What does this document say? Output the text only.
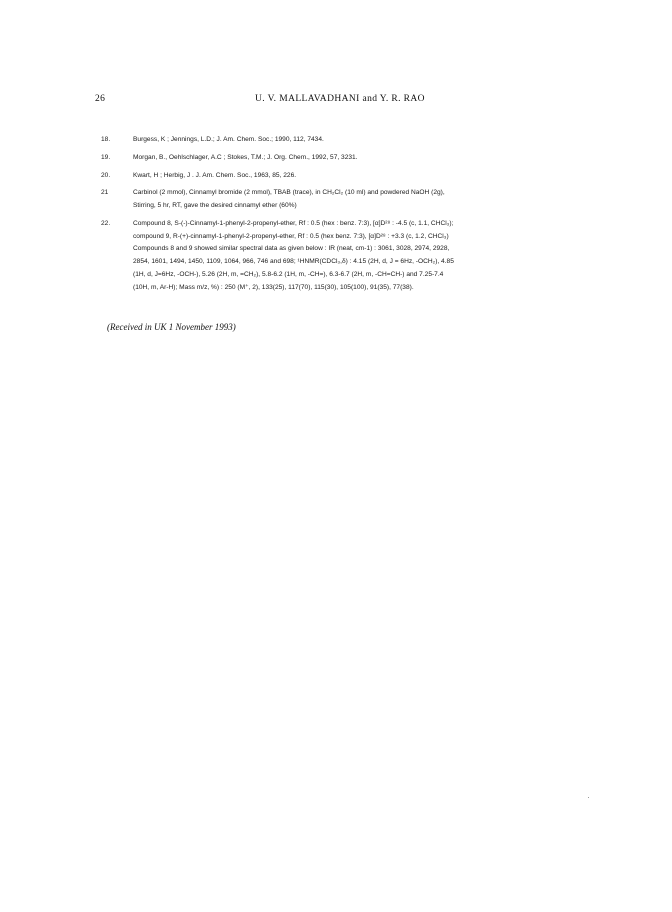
26	U. V. MALLAVADHANI and Y. R. RAO
18.	Burgess, K ; Jennings, L.D.; J. Am. Chem. Soc.; 1990, 112, 7434.
19.	Morgan, B., Oehlschlager, A.C ; Stokes, T.M.; J. Org. Chem., 1992, 57, 3231.
20.	Kwart, H ; Herbig, J . J. Am. Chem. Soc., 1963, 85, 226.
21	Carbinol (2 mmol), Cinnamyl bromide (2 mmol), TBAB (trace), in CH₂Cl₂ (10 ml) and powdered NaOH (2g),
Stirring, 5 hr, RT, gave the desired cinnamyl ether (60%)
22.	Compound 8, S-(-)-Cinnamyl-1-phenyl-2-propenyl-ether, Rf : 0.5 (hex : benz. 7:3), [α]D²⁸ : -4.5 (c, 1.1, CHCl₃);
compound 9, R-(+)-cinnamyl-1-phenyl-2-propenyl-ether, Rf : 0.5 (hex benz. 7:3), [α]D²⁸ : +3.3 (c, 1.2, CHCl₃)
Compounds 8 and 9 showed similar spectral data as given below : IR (neat, cm-1) : 3061, 3028, 2974, 2928,
2854, 1601, 1494, 1450, 1109, 1064, 966, 746 and 698; ¹HNMR(CDCl₃,δ) : 4.15 (2H, d, J = 6Hz, -OCH₂), 4.85
(1H, d, J=6Hz, -OCH-), 5.26 (2H, m, =CH₂), 5.8-6.2 (1H, m, -CH=), 6.3-6.7 (2H, m, -CH=CH-) and 7.25-7.4
(10H, m, Ar-H); Mass m/z, %) : 250 (M⁺, 2), 133(25), 117(70), 115(30), 105(100), 91(35), 77(38).
(Received in UK 1 November 1993)
